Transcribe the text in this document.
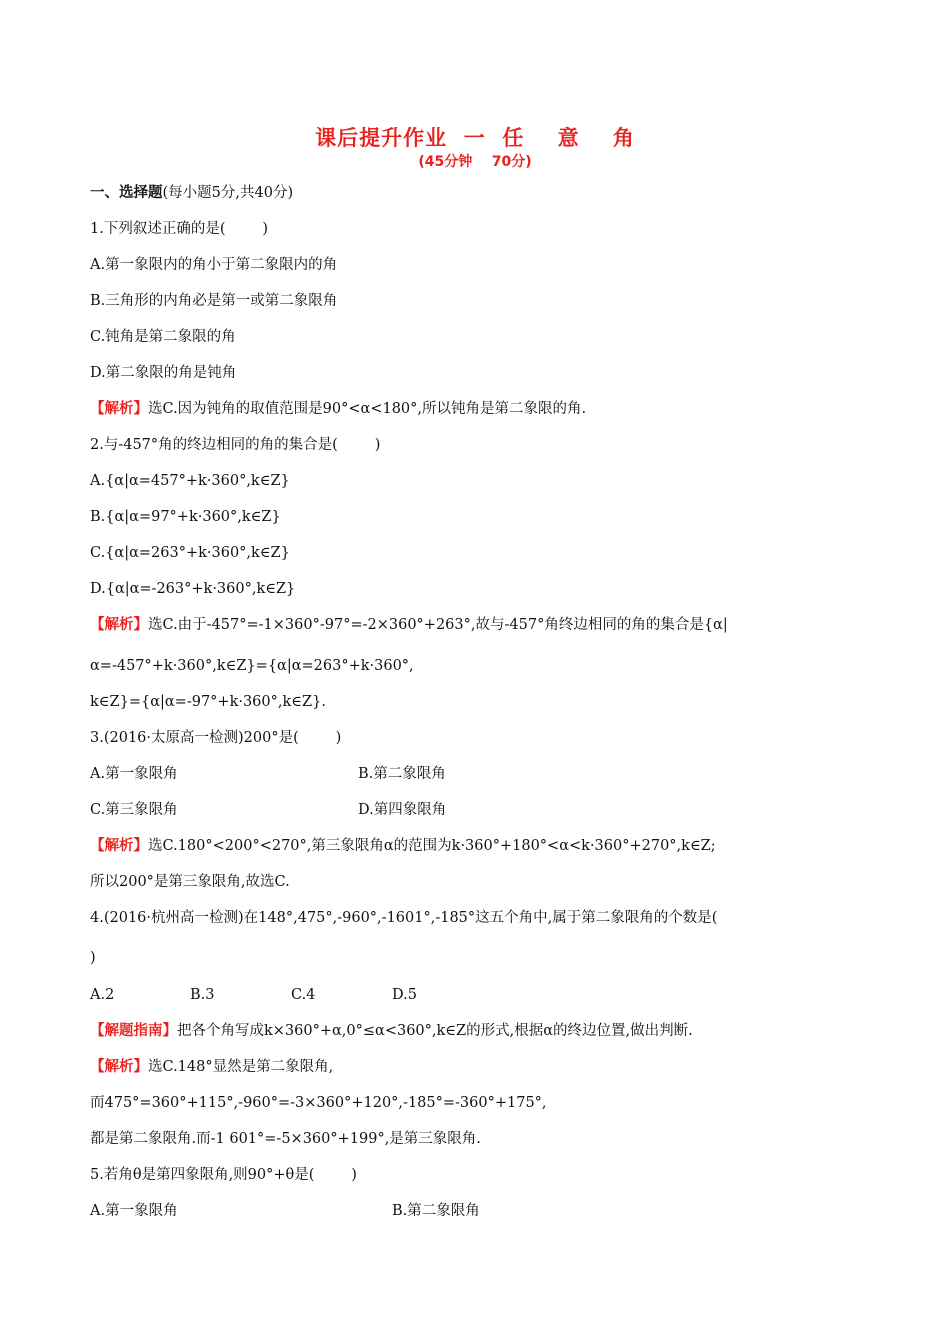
课后提升作业  一  任    意    角
(45分钟    70分)
一、选择题(每小题5分,共40分)
1.下列叙述正确的是(        )
A.第一象限内的角小于第二象限内的角
B.三角形的内角必是第一或第二象限角
C.钝角是第二象限的角
D.第二象限的角是钝角
【解析】选C.因为钝角的取值范围是90°<α<180°,所以钝角是第二象限的角.
2.与-457°角的终边相同的角的集合是(        )
A.{α|α=457°+k·360°,k∈Z}
B.{α|α=97°+k·360°,k∈Z}
C.{α|α=263°+k·360°,k∈Z}
D.{α|α=-263°+k·360°,k∈Z}
【解析】选C.由于-457°=-1×360°-97°=-2×360°+263°,故与-457°角终边相同的角的集合是{α|
α=-457°+k·360°,k∈Z}={α|α=263°+k·360°,
k∈Z}={α|α=-97°+k·360°,k∈Z}.
3.(2016·太原高一检测)200°是(        )
A.第一象限角	B.第二象限角
C.第三象限角	D.第四象限角
【解析】选C.180°<200°<270°,第三象限角α的范围为k·360°+180°<α<k·360°+270°,k∈Z;
所以200°是第三象限角,故选C.
4.(2016·杭州高一检测)在148°,475°,-960°,-1601°,-185°这五个角中,属于第二象限角的个数是(
)
A.2	B.3	C.4	D.5
【解题指南】把各个角写成k×360°+α,0°≤α<360°,k∈Z的形式,根据α的终边位置,做出判断.
【解析】选C.148°显然是第二象限角,
而475°=360°+115°,-960°=-3×360°+120°,-185°=-360°+175°,
都是第二象限角.而-1 601°=-5×360°+199°,是第三象限角.
5.若角θ是第四象限角,则90°+θ是(        )
A.第一象限角	B.第二象限角
